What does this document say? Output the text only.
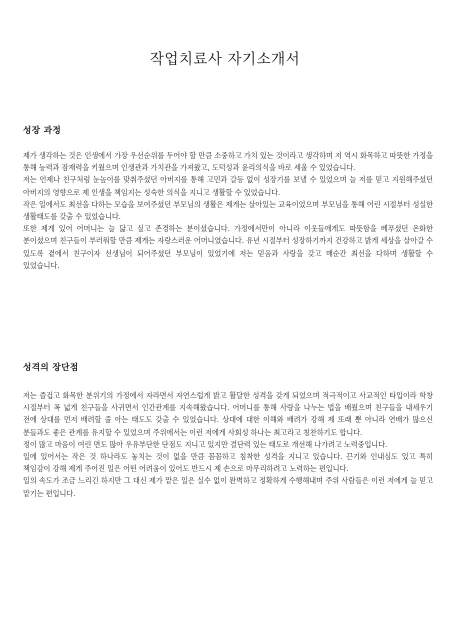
작업치료사 자기소개서
성장 과정

제가 생각하는 것은 인생에서 가장 우선순위를 두어야 할 만큼 소중하고 가치 있는 것이라고 생각하며 저 역시 화목하고 따뜻한 가정을 통해 능력과 잠재력을 키웠으며 인생관과 가치관을 가져왔고, 도덕성과 윤리의식을 바로 세울 수 있었습니다.

저는 언제나 친구처럼 눈높이를 맞춰주셨던 아버지를 통해 고민과 갈등 없이 성장기를 보낼 수 있었으며 늘 저를 믿고 지원해주셨던 아버지의 영향으로 제 인생을 책임지는 성숙한 의식을 지니고 생활할 수 있었습니다.

작은 일에서도 최선을 다하는 모습을 보여주셨던 부모님의 생활은 제게는 살아있는 교육이었으며 부모님을 통해 어린 시절부터 성실한 생활태도를 갖출 수 있었습니다.

또한 제게 있어 어머니는 늘 닮고 싶고 존경하는 분이셨습니다. 가정에서만이 아니라 이웃들에게도 따뜻함을 베푸셨던 온화한 분이셨으며 친구들이 부러워할 만큼 제게는 자랑스러운 어머니였습니다. 유년 시절부터 성장하기까지 건강하고 밝게 세상을 살아갈 수 있도록 곁에서 친구이자 선생님이 되어주셨던 부모님이 있었기에 저는 믿음과 사랑을 갖고 매순간 최선을 다하며 생활할 수 있었습니다.

성격의 장단점

저는 즐겁고 화목한 분위기의 가정에서 자라면서 자연스럽게 밝고 활달한 성격을 갖게 되었으며 적극적이고 사교적인 타입이라 학창 시절부터 폭 넓게 친구들을 사귀면서 인간관계를 지속해왔습니다. 어머니를 통해 사랑을 나누는 법을 배웠으며 친구들을 내세우기 전에 상대를 먼저 배려할 줄 아는 태도도 갖출 수 있었습니다. 상대에 대한 이해와 배려가 강해 제 또래 뿐 아니라 연배가 많으신 분들과도 좋은 관계를 유지할 수 있었으며 주위에서는 이런 저에게 사회성 하나는 최고라고 칭찬하기도 합니다.

정이 많고 마음이 여린 면도 많아 우유부단한 단점도 지니고 있지만 결단력 있는 태도로 개선해 나가려고 노력중입니다.

일에 있어서는 작은 것 하나라도 놓치는 것이 없을 만큼 꼼꼼하고 침착한 성격을 지니고 있습니다. 끈기와 인내심도 있고 특히 책임감이 강해 제게 주어진 일은 어떤 어려움이 있어도 반드시 제 손으로 마무리하려고 노력하는 편입니다.

일의 속도가 조금 느리긴 하지만 그 대신 제가 맡은 일은 실수 없이 완벽하고 정확하게 수행해내며 주위 사람들은 이런 저에게 늘 믿고 맡기는 편입니다.
